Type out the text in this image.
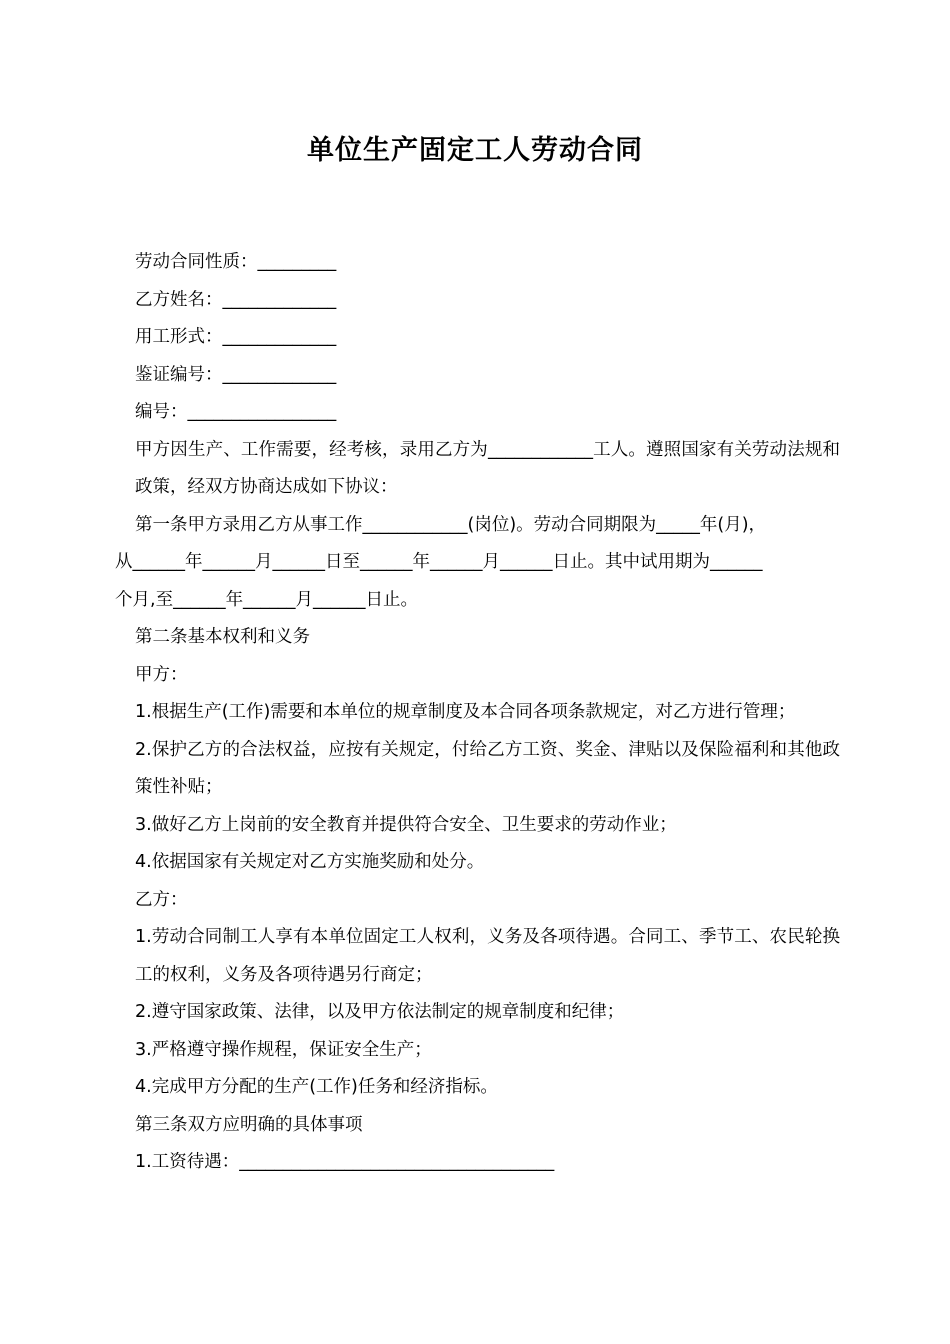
单位生产固定工人劳动合同

劳动合同性质：_________

乙方姓名：_____________

用工形式：_____________

鉴证编号：_____________

编号：_________________

甲方因生产、工作需要，经考核，录用乙方为____________工人。遵照国家有关劳动法规和政策，经双方协商达成如下协议：

第一条甲方录用乙方从事工作____________(岗位)。劳动合同期限为_____年(月)，

从______年______月______日至______年______月______日止。其中试用期为______

个月,至______年______月______日止。

第二条基本权利和义务

甲方：

1.根据生产(工作)需要和本单位的规章制度及本合同各项条款规定，对乙方进行管理；

2.保护乙方的合法权益，应按有关规定，付给乙方工资、奖金、津贴以及保险福利和其他政策性补贴；

3.做好乙方上岗前的安全教育并提供符合安全、卫生要求的劳动作业；

4.依据国家有关规定对乙方实施奖励和处分。

乙方：

1.劳动合同制工人享有本单位固定工人权利，义务及各项待遇。合同工、季节工、农民轮换工的权利，义务及各项待遇另行商定；

2.遵守国家政策、法律，以及甲方依法制定的规章制度和纪律；

3.严格遵守操作规程，保证安全生产；

4.完成甲方分配的生产(工作)任务和经济指标。

第三条双方应明确的具体事项

1.工资待遇：____________________________________
